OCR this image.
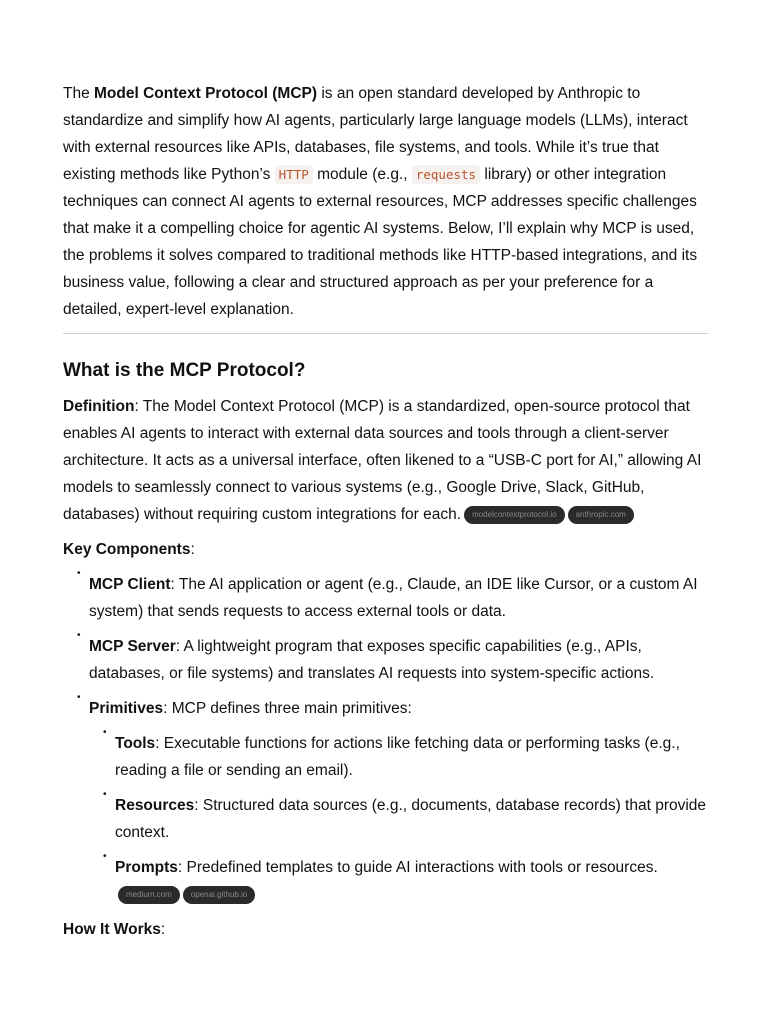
The Model Context Protocol (MCP) is an open standard developed by Anthropic to standardize and simplify how AI agents, particularly large language models (LLMs), interact with external resources like APIs, databases, file systems, and tools. While it’s true that existing methods like Python’s HTTP module (e.g., requests library) or other integration techniques can connect AI agents to external resources, MCP addresses specific challenges that make it a compelling choice for agentic AI systems. Below, I’ll explain why MCP is used, the problems it solves compared to traditional methods like HTTP-based integrations, and its business value, following a clear and structured approach as per your preference for a detailed, expert-level explanation.

What is the MCP Protocol?

Definition: The Model Context Protocol (MCP) is a standardized, open-source protocol that enables AI agents to interact with external data sources and tools through a client-server architecture. It acts as a universal interface, often likened to a “USB-C port for AI,” allowing AI models to seamlessly connect to various systems (e.g., Google Drive, Slack, GitHub, databases) without requiring custom integrations for each. modelcontextprotocol.io anthropic.com

Key Components:

•

MCP Client: The AI application or agent (e.g., Claude, an IDE like Cursor, or a custom AI system) that sends requests to access external tools or data.

•

MCP Server: A lightweight program that exposes specific capabilities (e.g., APIs, databases, or file systems) and translates AI requests into system-specific actions.

•

Primitives: MCP defines three main primitives:

•

Tools: Executable functions for actions like fetching data or performing tasks (e.g., reading a file or sending an email).

•

Resources: Structured data sources (e.g., documents, database records) that provide context.

•

Prompts: Predefined templates to guide AI interactions with tools or resources.medium.com openai.github.io

How It Works:
